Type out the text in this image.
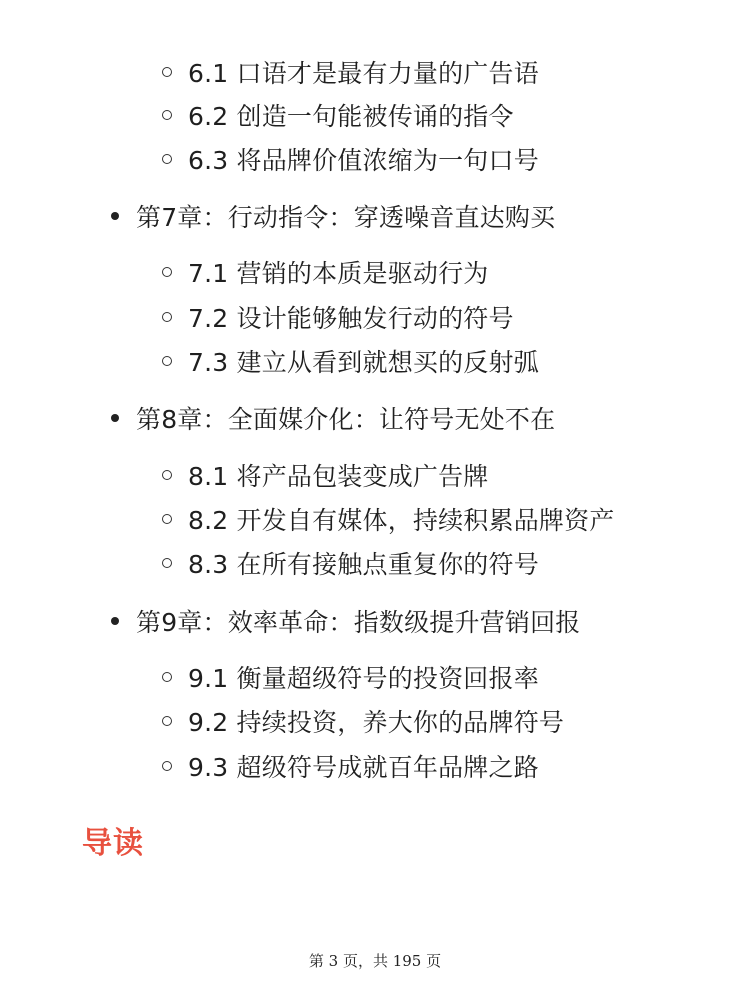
6.1 口语才是最有力量的广告语
6.2 创造一句能被传诵的指令
6.3 将品牌价值浓缩为一句口号
第7章：行动指令：穿透噪音直达购买
7.1 营销的本质是驱动行为
7.2 设计能够触发行动的符号
7.3 建立从看到就想买的反射弧
第8章：全面媒介化：让符号无处不在
8.1 将产品包装变成广告牌
8.2 开发自有媒体，持续积累品牌资产
8.3 在所有接触点重复你的符号
第9章：效率革命：指数级提升营销回报
9.1 衡量超级符号的投资回报率
9.2 持续投资，养大你的品牌符号
9.3 超级符号成就百年品牌之路
导读
第 3 页，共 195 页
